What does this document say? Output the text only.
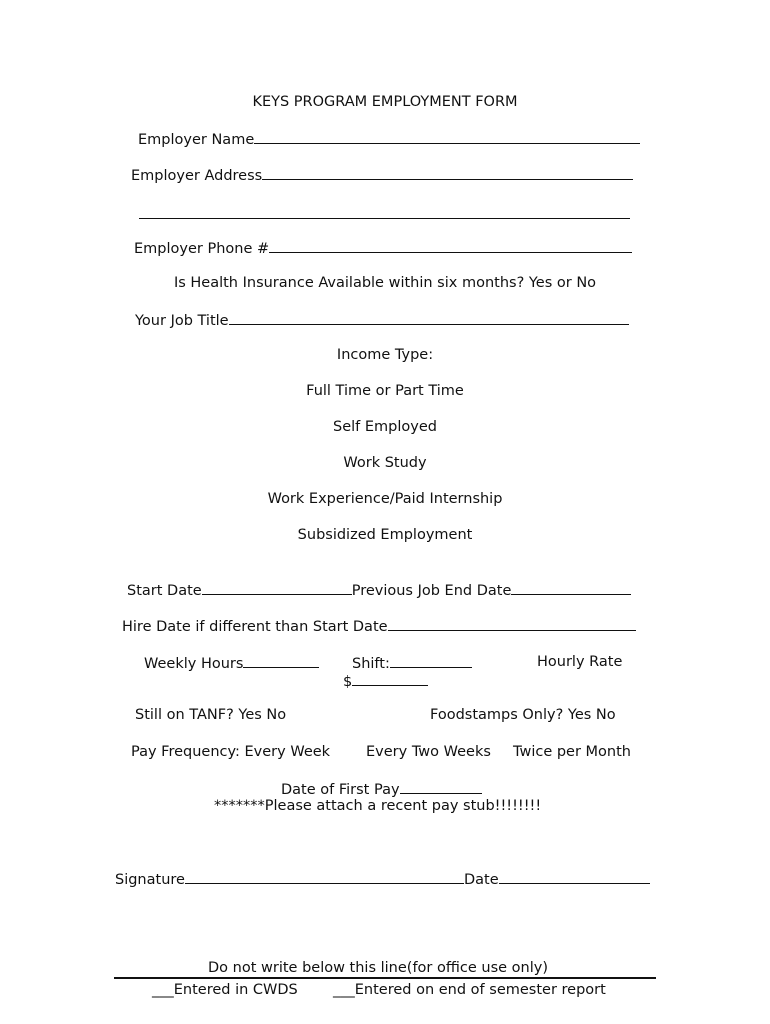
KEYS PROGRAM EMPLOYMENT FORM
Employer Name
Employer Address
Employer Phone #
Is Health Insurance Available within six months? Yes or No
Your Job Title
Income Type:
Full Time or Part Time
Self Employed
Work Study
Work Experience/Paid Internship
Subsidized Employment
Start Date	Previous Job End Date
Hire Date if different than Start Date
Weekly Hours	Shift:	Hourly Rate
$
Still on TANF? Yes No	Foodstamps Only? Yes No
Pay Frequency: Every Week Every Two Weeks Twice per Month
Date of First Pay
*******Please attach a recent pay stub!!!!!!!!
Signature	Date
Do not write below this line(for office use only)
___Entered in CWDS ___Entered on end of semester report
